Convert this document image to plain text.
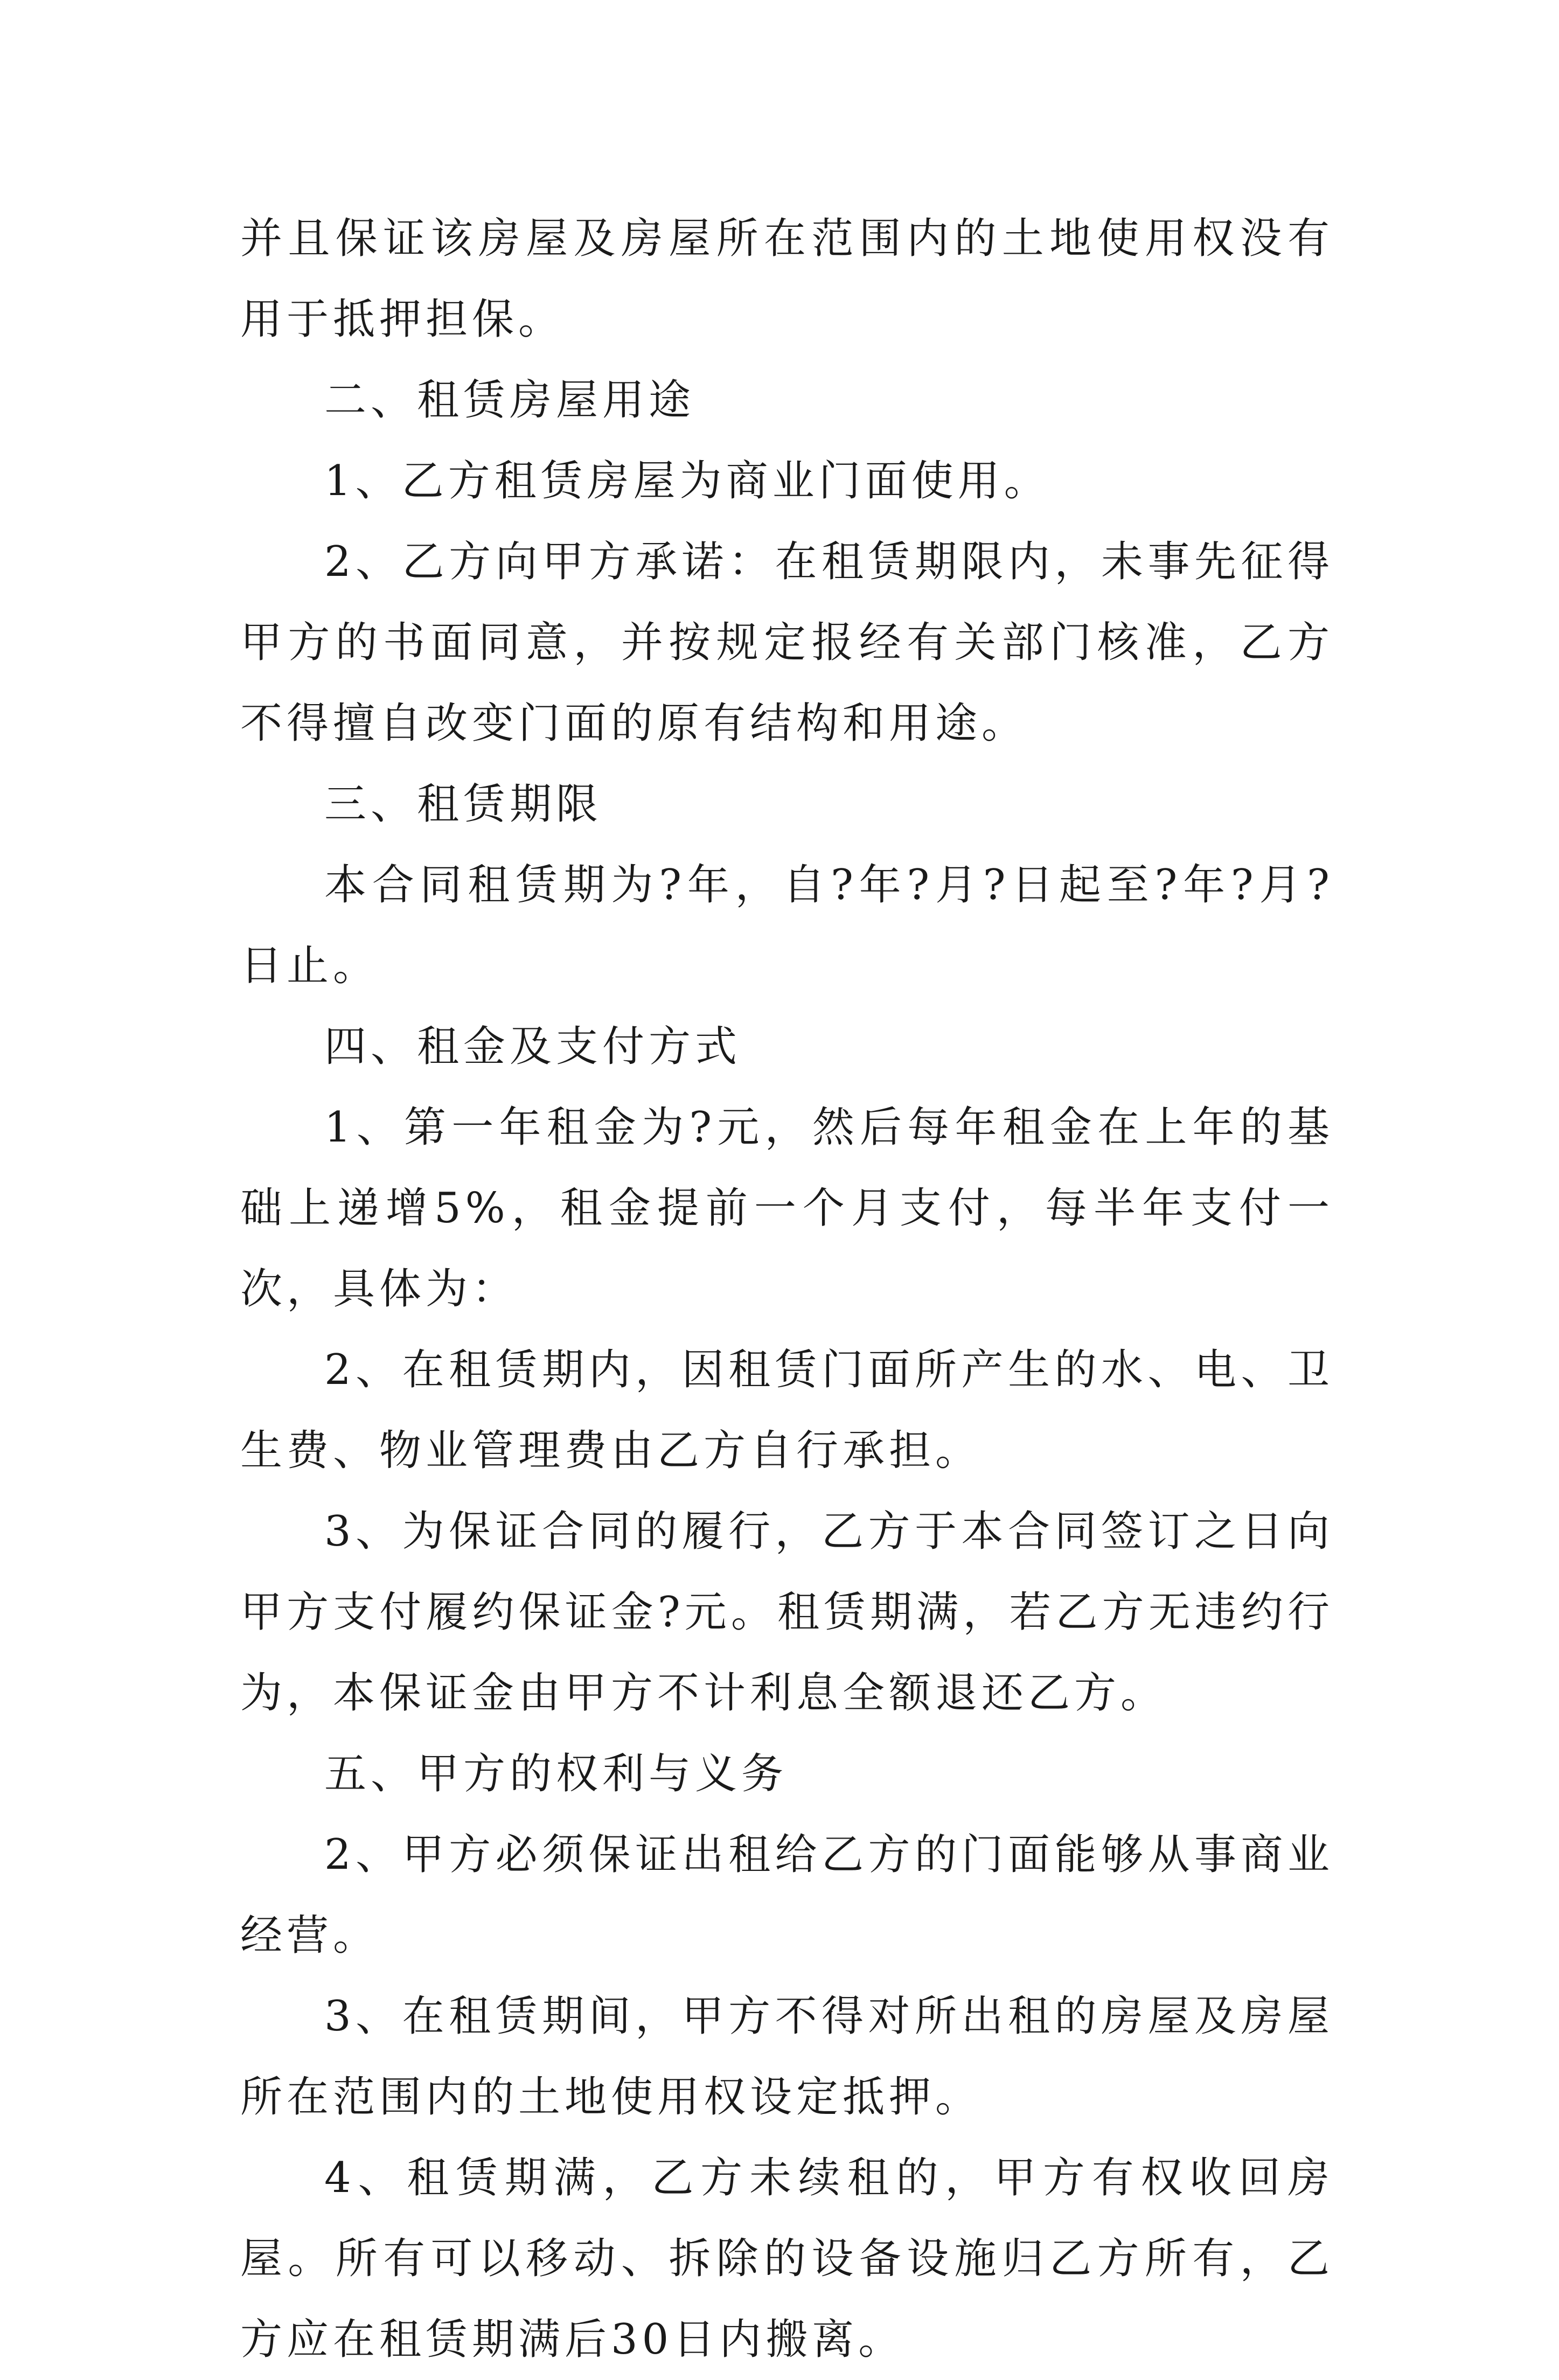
并且保证该房屋及房屋所在范围内的土地使用权没有用于抵押担保。

二、租赁房屋用途

1、乙方租赁房屋为商业门面使用。

2、乙方向甲方承诺：在租赁期限内，未事先征得甲方的书面同意，并按规定报经有关部门核准，乙方不得擅自改变门面的原有结构和用途。

三、租赁期限

本合同租赁期为?年，自?年?月?日起至?年?月?日止。

四、租金及支付方式

1、第一年租金为?元，然后每年租金在上年的基础上递增5%，租金提前一个月支付，每半年支付一次，具体为：

2、在租赁期内，因租赁门面所产生的水、电、卫生费、物业管理费由乙方自行承担。

3、为保证合同的履行，乙方于本合同签订之日向甲方支付履约保证金?元。租赁期满，若乙方无违约行为，本保证金由甲方不计利息全额退还乙方。

五、甲方的权利与义务

2、甲方必须保证出租给乙方的门面能够从事商业经营。

3、在租赁期间，甲方不得对所出租的房屋及房屋所在范围内的土地使用权设定抵押。

4、租赁期满，乙方未续租的，甲方有权收回房屋。所有可以移动、拆除的设备设施归乙方所有，乙方应在租赁期满后30日内搬离。
